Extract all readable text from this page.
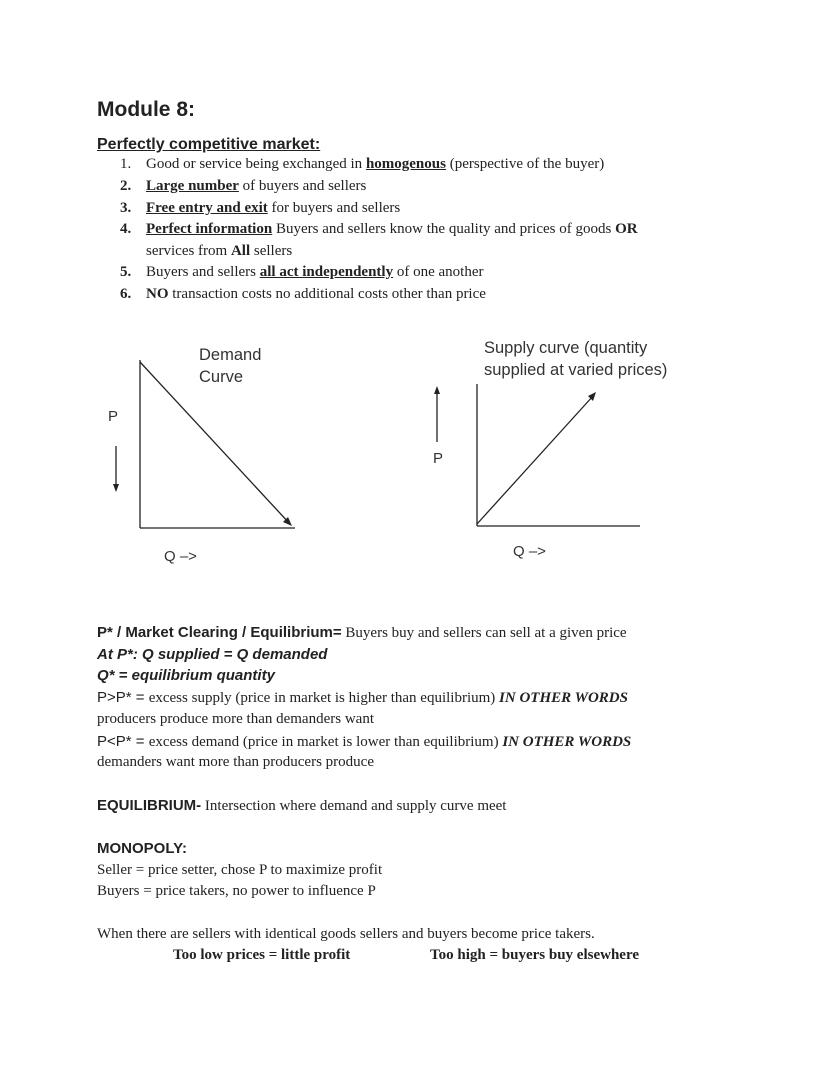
Module 8:
Perfectly competitive market:
1. Good or service being exchanged in homogenous (perspective of the buyer)
2. Large number of buyers and sellers
3. Free entry and exit for buyers and sellers
4. Perfect information Buyers and sellers know the quality and prices of goods OR
services from All sellers
5. Buyers and sellers all act independently of one another
6. NO transaction costs no additional costs other than price
Demand
Curve
P
Q –>
Supply curve (quantity
supplied at varied prices)
P
Q –>
P* / Market Clearing / Equilibrium= Buyers buy and sellers can sell at a given price
At P*: Q supplied = Q demanded
Q* = equilibrium quantity
P>P* = excess supply (price in market is higher than equilibrium) IN OTHER WORDS
producers produce more than demanders want
P<P* = excess demand (price in market is lower than equilibrium) IN OTHER WORDS
demanders want more than producers produce
EQUILIBRIUM- Intersection where demand and supply curve meet
MONOPOLY:
Seller = price setter, chose P to maximize profit
Buyers = price takers, no power to influence P
When there are sellers with identical goods sellers and buyers become price takers.
Too low prices = little profit	Too high = buyers buy elsewhere
